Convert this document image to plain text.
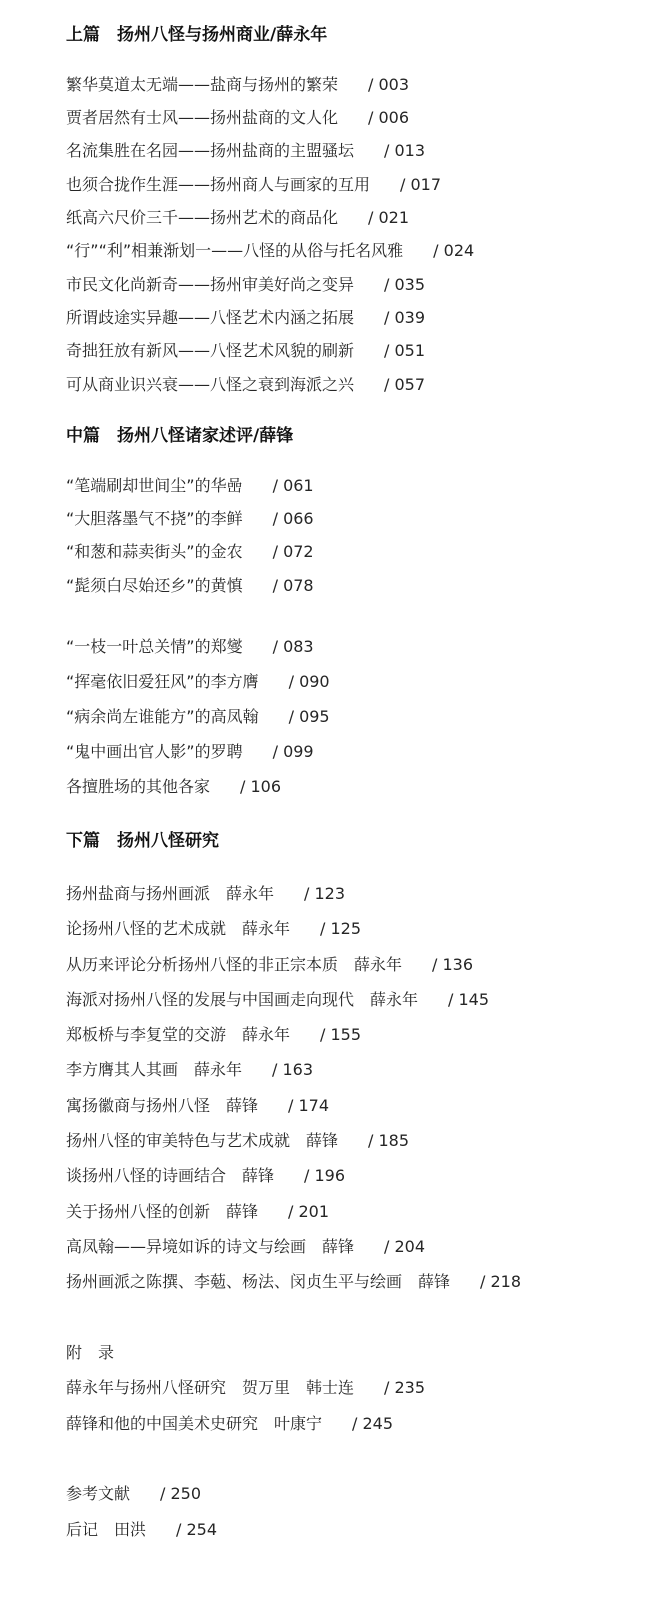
上篇　扬州八怪与扬州商业/薛永年
繁华莫道太无端——盐商与扬州的繁荣 / 003
贾者居然有士风——扬州盐商的文人化 / 006
名流集胜在名园——扬州盐商的主盟骚坛 / 013
也须合拢作生涯——扬州商人与画家的互用 / 017
纸高六尺价三千——扬州艺术的商品化 / 021
“行”“利”相兼渐划一——八怪的从俗与托名风雅 / 024
市民文化尚新奇——扬州审美好尚之变异 / 035
所谓歧途实异趣——八怪艺术内涵之拓展 / 039
奇拙狂放有新风——八怪艺术风貌的刷新 / 051
可从商业识兴衰——八怪之衰到海派之兴 / 057
中篇　扬州八怪诸家述评/薛锋
“笔端刷却世间尘”的华喦 / 061
“大胆落墨气不挠”的李鲜 / 066
“和葱和蒜卖街头”的金农 / 072
“髭须白尽始还乡”的黄慎 / 078
“一枝一叶总关情”的郑燮 / 083
“挥毫依旧爱狂风”的李方膺 / 090
“病余尚左谁能方”的高凤翰 / 095
“鬼中画出官人影”的罗聘 / 099
各擅胜场的其他各家 / 106
下篇　扬州八怪研究
扬州盐商与扬州画派　薛永年 / 123
论扬州八怪的艺术成就　薛永年 / 125
从历来评论分析扬州八怪的非正宗本质　薛永年 / 136
海派对扬州八怪的发展与中国画走向现代　薛永年 / 145
郑板桥与李复堂的交游　薛永年 / 155
李方膺其人其画　薛永年 / 163
寓扬徽商与扬州八怪　薛锋 / 174
扬州八怪的审美特色与艺术成就　薛锋 / 185
谈扬州八怪的诗画结合　薛锋 / 196
关于扬州八怪的创新　薛锋 / 201
高凤翰——异境如诉的诗文与绘画　薛锋 / 204
扬州画派之陈撰、李葂、杨法、闵贞生平与绘画　薛锋 / 218
附　录
薛永年与扬州八怪研究　贺万里　韩士连 / 235
薛锋和他的中国美术史研究　叶康宁 / 245
参考文献 / 250
后记　田洪 / 254
